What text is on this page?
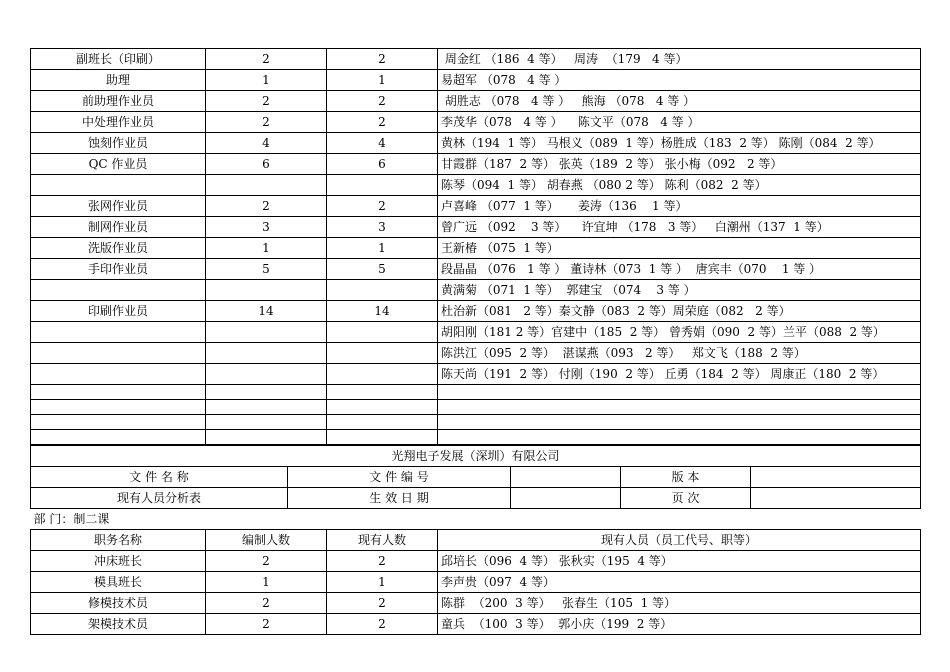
副班长（印刷）	2	2	周金红 （186  4 等）   周涛  （179   4 等）
助理	1	1	易超军 （078   4 等 ）
前助理作业员	2	2	胡胜志 （078   4 等 ）   熊海 （078   4 等 ）
中处理作业员	2	2	李茂华（078   4 等 ）    陈文平（078   4 等 ）
蚀刻作业员	4	4	黄林（194  1 等） 马根义（089  1 等）杨胜成（183  2 等） 陈刚（084  2 等）
QC 作业员	6	6	甘霞群（187  2 等） 张英（189  2 等） 张小梅（092   2 等）
			陈琴（094  1 等） 胡春燕 （080 2 等） 陈利（082  2 等）
张网作业员	2	2	卢喜峰 （077  1 等）     姜涛（136    1 等）
制网作业员	3	3	曾广远 （092    3 等）    许宜坤 （178   3 等）   白潮州（137  1 等）
洗版作业员	1	1	王新椿 （075  1 等）
手印作业员	5	5	段晶晶 （076   1 等 ） 董诗林（073  1 等 ）  唐宾丰（070    1 等 ）
			黄满菊 （071  1 等）  郭建宝 （074    3 等 ）
印刷作业员	14	14	杜治新（081   2 等）秦文静（083  2 等）周荣庭（082   2 等）
			胡阳刚（181 2 等）官建中（185  2 等） 曾秀娟（090  2 等）兰平（088  2 等）
			陈洪江（095  2 等）  湛谋燕（093   2 等）   郑文飞（188  2 等）
			陈天尚（191  2 等） 付刚（190  2 等） 丘勇（184  2 等） 周康正（180  2 等）

光翔电子发展（深圳）有限公司							
文 件 名 称		文 件 编 号				版 本	
现有人员分析表		生 效 日 期				页 次	
部 门：制二课							
职务名称	编制人数		现有人数	现有人员（员工代号、职等）			
冲床班长	2		2	邱培长（096  4 等） 张秋实（195  4 等）			
模具班长	1		1	李声贵（097  4 等）			
修模技术员	2		2	陈群  （200  3 等）   张春生（105  1 等）			
架模技术员	2		2	童兵  （100  3 等）  郭小庆（199  2 等）			
